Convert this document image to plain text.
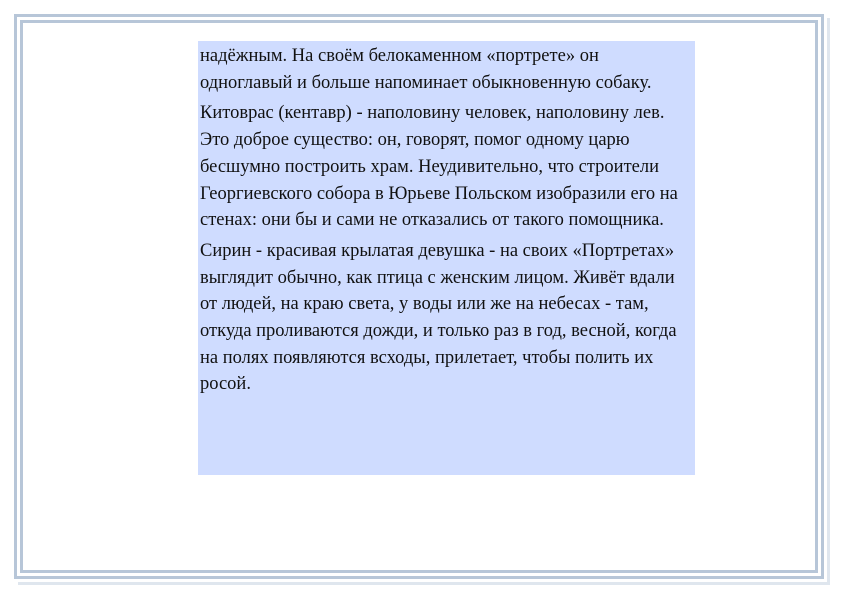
надёжным. На своём белокаменном «портрете» он одноглавый и больше напоминает обыкновенную собаку.

Китоврас (кентавр) - наполовину человек, наполовину лев. Это доброе существо: он, говорят, помог одному царю бесшумно построить храм. Неудивительно, что строители Георгиевского собора в Юрьеве Польском изобразили его на стенах: они бы и сами не отказались от такого помощника.

Сирин - красивая крылатая девушка - на своих «Портретах» выглядит обычно, как птица с женским лицом. Живёт вдали от людей, на краю света, у воды или же на небесах - там, откуда проливаются дожди, и только раз в год, весной, когда на полях появляются всходы, прилетает, чтобы полить их росой.
